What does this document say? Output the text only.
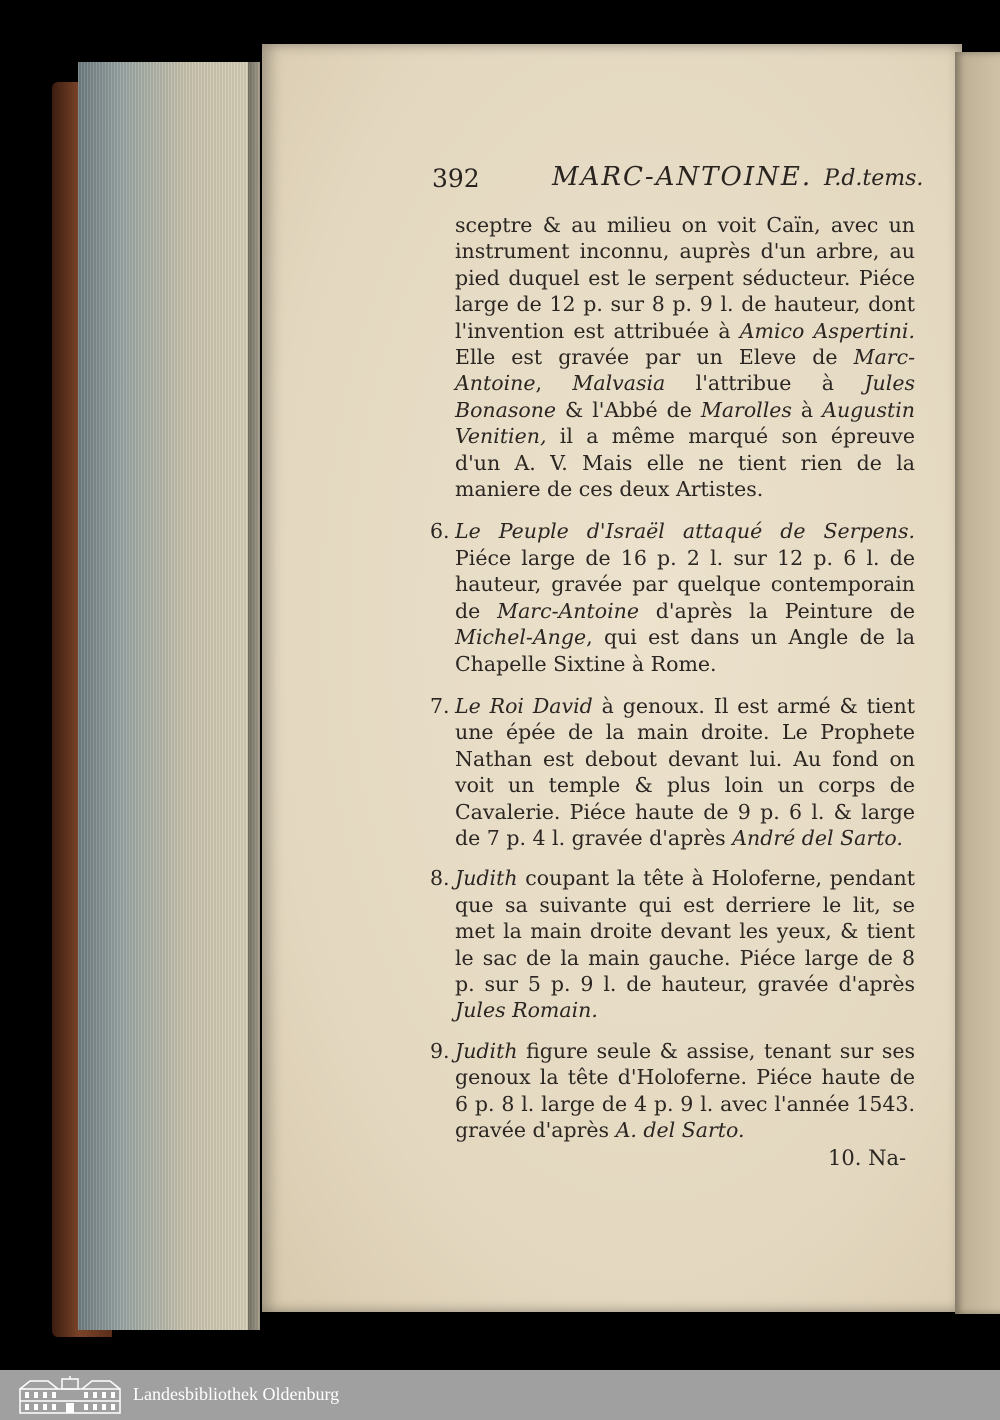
392	MARC-ANTOINE. P.d.tems.

sceptre & au milieu on voit Caïn, avec un instrument inconnu, auprès d'un arbre, au pied duquel est le serpent séducteur. Piéce large de 12 p. sur 8 p. 9 l. de hauteur, dont l'invention est attribuée à Amico Aspertini. Elle est gravée par un Eleve de Marc-Antoine, Malvasia l'attribue à Jules Bonasone & l'Abbé de Marolles à Augustin Venitien, il a même marqué son épreuve d'un A. V. Mais elle ne tient rien de la maniere de ces deux Artistes.

6. Le Peuple d'Israël attaqué de Serpens. Piéce large de 16 p. 2 l. sur 12 p. 6 l. de hauteur, gravée par quelque contemporain de Marc-Antoine d'après la Peinture de Michel-Ange, qui est dans un Angle de la Chapelle Sixtine à Rome.

7. Le Roi David à genoux. Il est armé & tient une épée de la main droite. Le Prophete Nathan est debout devant lui. Au fond on voit un temple & plus loin un corps de Cavalerie. Piéce haute de 9 p. 6 l. & large de 7 p. 4 l. gravée d'après André del Sarto.

8. Judith coupant la tête à Holoferne, pendant que sa suivante qui est derriere le lit, se met la main droite devant les yeux, & tient le sac de la main gauche. Piéce large de 8 p. sur 5 p. 9 l. de hauteur, gravée d'après Jules Romain.

9. Judith figure seule & assise, tenant sur ses genoux la tête d'Holoferne. Piéce haute de 6 p. 8 l. large de 4 p. 9 l. avec l'année 1543. gravée d'après A. del Sarto.

10. Na-
Landesbibliothek Oldenburg
